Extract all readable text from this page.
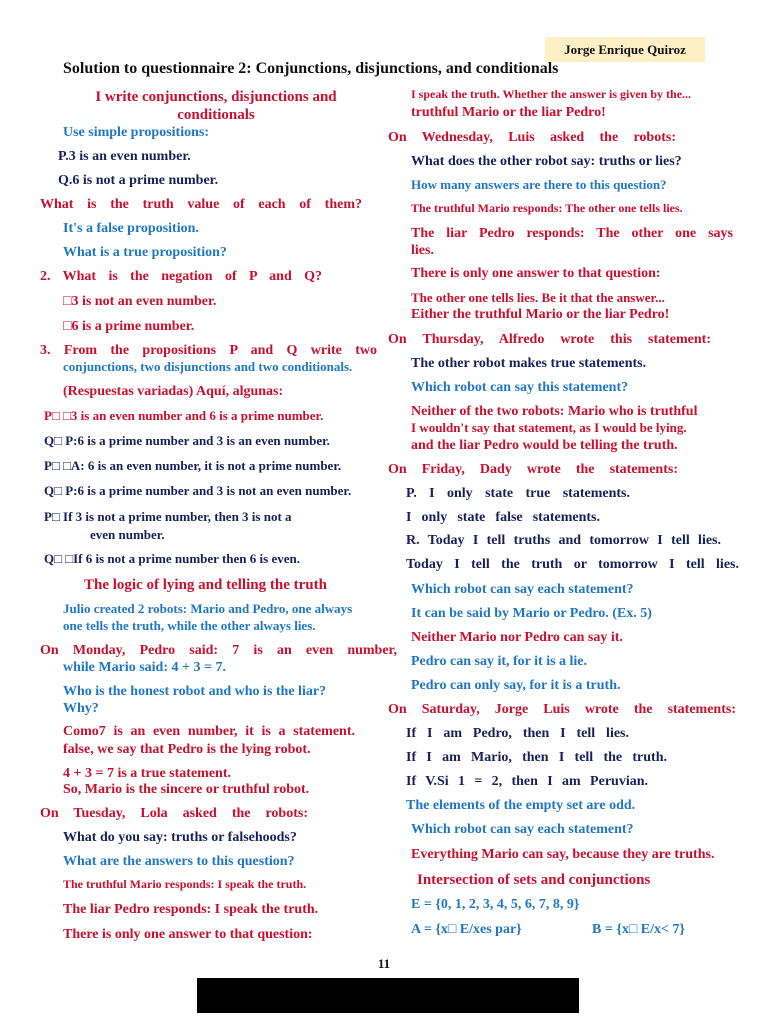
Jorge Enrique Quiroz
Solution to questionnaire 2: Conjunctions, disjunctions, and conditionals
I write conjunctions, disjunctions and
conditionals
Use simple propositions:
P.3 is an even number.
Q.6 is not a prime number.
What is the truth value of each of them?
It's a false proposition.
What is a true proposition?
2. What is the negation of P and Q?
□3 is not an even number.
□6 is a prime number.
3. From the propositions P and Q write two
conjunctions, two disjunctions and two conditionals.
(Respuestas variadas) Aquí, algunas:
P□ □3 is an even number and 6 is a prime number.
Q□ P:6 is a prime number and 3 is an even number.
P□ □A: 6 is an even number, it is not a prime number.
Q□ P:6 is a prime number and 3 is not an even number.
P□ If 3 is not a prime number, then 3 is not a
even number.
Q□ □If 6 is not a prime number then 6 is even.
The logic of lying and telling the truth
Julio created 2 robots: Mario and Pedro, one always
one tells the truth, while the other always lies.
On Monday, Pedro said: 7 is an even number,
while Mario said: 4 + 3 = 7.
Who is the honest robot and who is the liar?
Why?
Como7 is an even number, it is a statement.
false, we say that Pedro is the lying robot.
4 + 3 = 7 is a true statement.
So, Mario is the sincere or truthful robot.
On Tuesday, Lola asked the robots:
What do you say: truths or falsehoods?
What are the answers to this question?
The truthful Mario responds: I speak the truth.
The liar Pedro responds: I speak the truth.
There is only one answer to that question:
I speak the truth. Whether the answer is given by the...
truthful Mario or the liar Pedro!
On Wednesday, Luis asked the robots:
What does the other robot say: truths or lies?
How many answers are there to this question?
The truthful Mario responds: The other one tells lies.
The liar Pedro responds: The other one says
lies.
There is only one answer to that question:
The other one tells lies. Be it that the answer...
Either the truthful Mario or the liar Pedro!
On Thursday, Alfredo wrote this statement:
The other robot makes true statements.
Which robot can say this statement?
Neither of the two robots: Mario who is truthful
I wouldn't say that statement, as I would be lying.
and the liar Pedro would be telling the truth.
On Friday, Dady wrote the statements:
P. I only state true statements.
I only state false statements.
R. Today I tell truths and tomorrow I tell lies.
Today I tell the truth or tomorrow I tell lies.
Which robot can say each statement?
It can be said by Mario or Pedro. (Ex. 5)
Neither Mario nor Pedro can say it.
Pedro can say it, for it is a lie.
Pedro can only say, for it is a truth.
On Saturday, Jorge Luis wrote the statements:
If I am Pedro, then I tell lies.
If I am Mario, then I tell the truth.
If V.Si 1 = 2, then I am Peruvian.
The elements of the empty set are odd.
Which robot can say each statement?
Everything Mario can say, because they are truths.
Intersection of sets and conjunctions
E = {0, 1, 2, 3, 4, 5, 6, 7, 8, 9}
A = {x□ E/xes par}	B = {x□ E/x< 7}
11
